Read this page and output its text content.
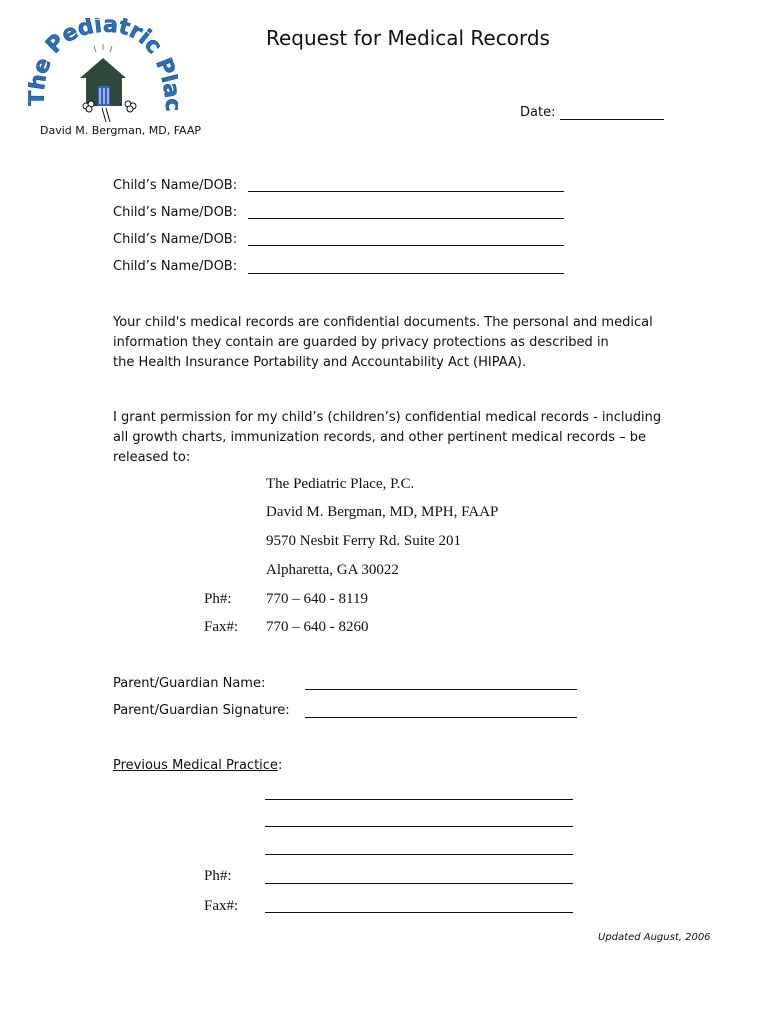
e Pediatric P
Request for Medical Records
David M. Bergman, MD, FAAP
Date:
Child’s Name/DOB:
Child’s Name/DOB:
Child’s Name/DOB:
Child’s Name/DOB:
Your child's medical records are confidential documents. The personal and medical
information they contain are guarded by privacy protections as described in
the Health Insurance Portability and Accountability Act (HIPAA).
I grant permission for my child’s (children’s) confidential medical records - including
all growth charts, immunization records, and other pertinent medical records – be
released to:
The Pediatric Place, P.C.
David M. Bergman, MD, MPH, FAAP
9570 Nesbit Ferry Rd. Suite 201
Alpharetta, GA 30022
Ph#: 770 – 640 - 8119
Fax#: 770 – 640 - 8260
Parent/Guardian Name:
Parent/Guardian Signature:
Previous Medical Practice:
Ph#:
Fax#:
Updated August, 2006
